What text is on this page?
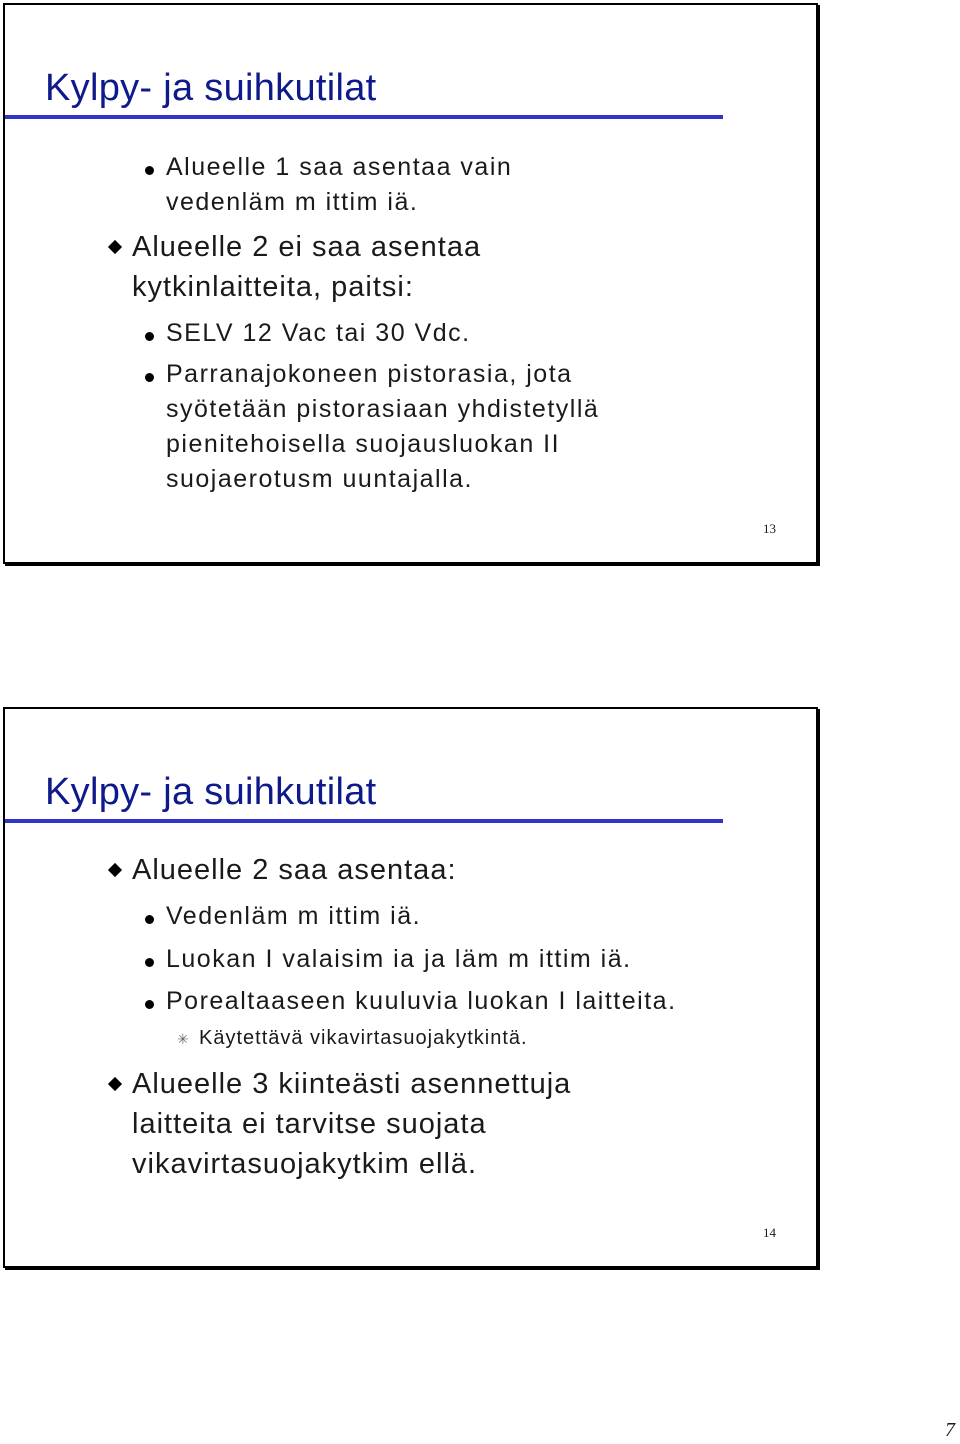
Kylpy- ja suihkutilat
Alueelle 1 saa asentaa vain
vedenläm m ittim iä.
Alueelle 2 ei saa asentaa
kytkinlaitteita, paitsi:
SELV 12 Vac tai 30 Vdc.
Parranajokoneen pistorasia, jota
syötetään pistorasiaan yhdistetyllä
pienitehoisella suojausluokan II
suojaerotusm uuntajalla.
13
Kylpy- ja suihkutilat
Alueelle 2 saa asentaa:
Vedenläm m ittim iä.
Luokan I valaisim ia ja läm m ittim iä.
Porealtaaseen kuuluvia luokan I laitteita.
✳ Käytettävä vikavirtasuojakytkintä.
Alueelle 3 kiinteästi asennettuja
laitteita ei tarvitse suojata
vikavirtasuojakytkim ellä.
14
7
